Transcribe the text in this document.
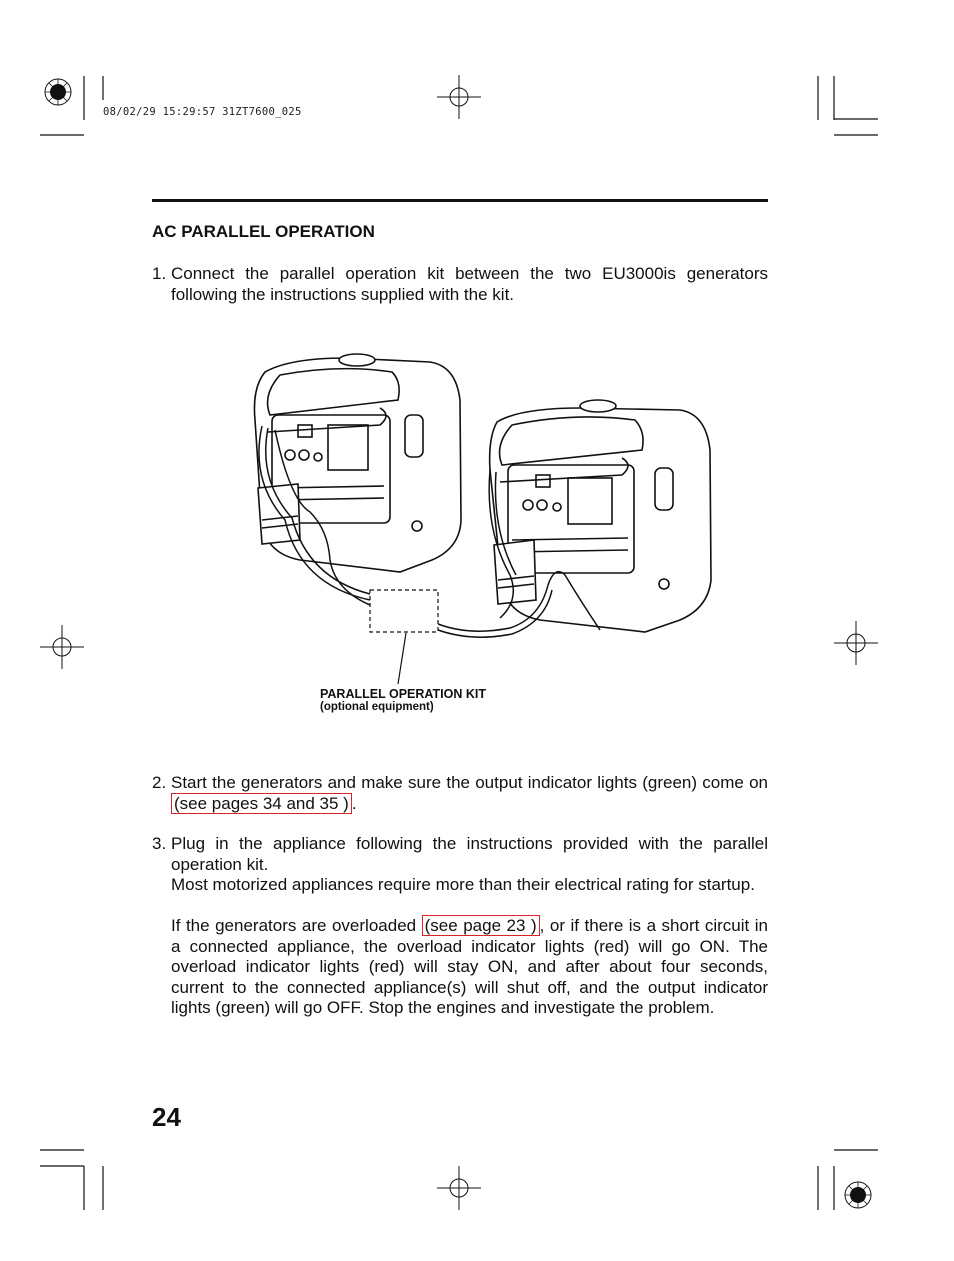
08/02/29 15:29:57 31ZT7600_025
AC PARALLEL OPERATION
1. Connect the parallel operation kit between the two EU3000is generators following the instructions supplied with the kit.
PARALLEL OPERATION KIT
(optional equipment)
2. Start the generators and make sure the output indicator lights (green) come on (see pages 34 and 35 ) .
3. Plug in the appliance following the instructions provided with the parallel operation kit.

Most motorized appliances require more than their electrical rating for startup.

If the generators are overloaded (see page 23 ) , or if there is a short circuit in a connected appliance, the overload indicator lights (red) will go ON. The overload indicator lights (red) will stay ON, and after about four seconds, current to the connected appliance(s) will shut off, and the output indicator lights (green) will go OFF. Stop the engines and investigate the problem.

24
